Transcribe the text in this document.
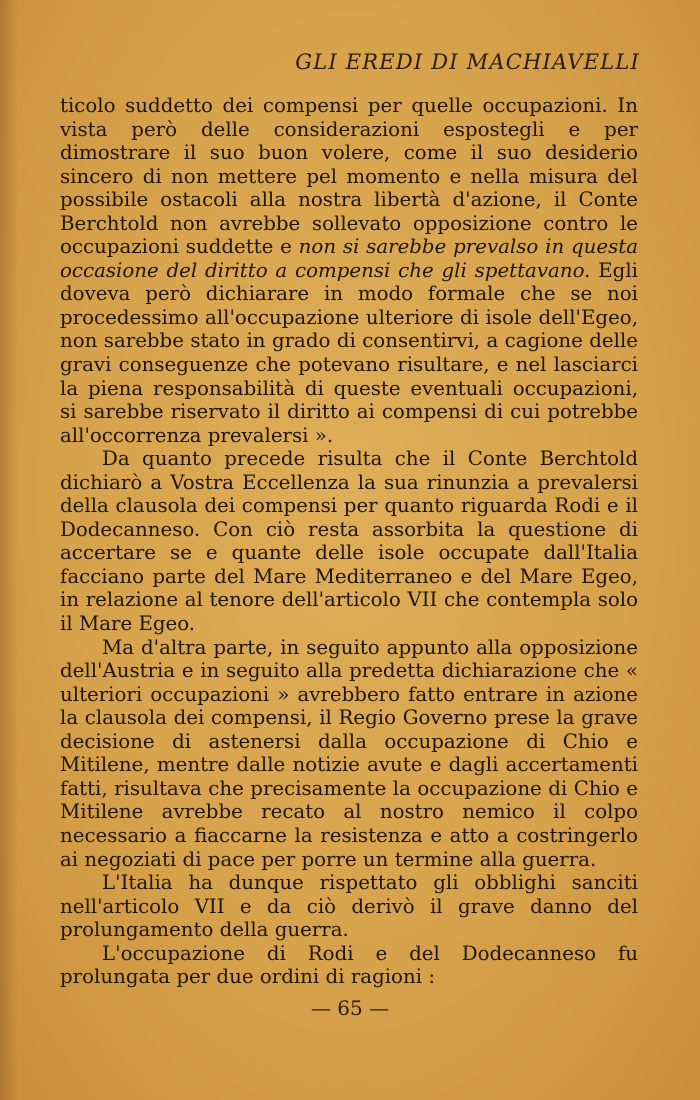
GLI EREDI DI MACHIAVELLI

ticolo suddetto dei compensi per quelle occupazioni. In vista però delle considerazioni espostegli e per dimostrare il suo buon volere, come il suo desiderio sincero di non mettere pel momento e nella misura del possibile ostacoli alla nostra libertà d'azione, il Conte Berchtold non avrebbe sollevato opposizione contro le occupazioni suddette e non si sarebbe prevalso in questa occasione del diritto a compensi che gli spettavano. Egli doveva però dichiarare in modo formale che se noi procedessimo all'occupazione ulteriore di isole dell'Egeo, non sarebbe stato in grado di consentirvi, a cagione delle gravi conseguenze che potevano risultare, e nel lasciarci la piena responsabilità di queste eventuali occupazioni, si sarebbe riservato il diritto ai compensi di cui potrebbe all'occorrenza prevalersi ».

Da quanto precede risulta che il Conte Berchtold dichiarò a Vostra Eccellenza la sua rinunzia a prevalersi della clausola dei compensi per quanto riguarda Rodi e il Dodecanneso. Con ciò resta assorbita la questione di accertare se e quante delle isole occupate dall'Italia facciano parte del Mare Mediterraneo e del Mare Egeo, in relazione al tenore dell'articolo VII che contempla solo il Mare Egeo.

Ma d'altra parte, in seguito appunto alla opposizione dell'Austria e in seguito alla predetta dichiarazione che « ulteriori occupazioni » avrebbero fatto entrare in azione la clausola dei compensi, il Regio Governo prese la grave decisione di astenersi dalla occupazione di Chio e Mitilene, mentre dalle notizie avute e dagli accertamenti fatti, risultava che precisamente la occupazione di Chio e Mitilene avrebbe recato al nostro nemico il colpo necessario a fiaccarne la resistenza e atto a costringerlo ai negoziati di pace per porre un termine alla guerra.

L'Italia ha dunque rispettato gli obblighi sanciti nell'articolo VII e da ciò derivò il grave danno del prolungamento della guerra.

L'occupazione di Rodi e del Dodecanneso fu prolungata per due ordini di ragioni :

— 65 —
